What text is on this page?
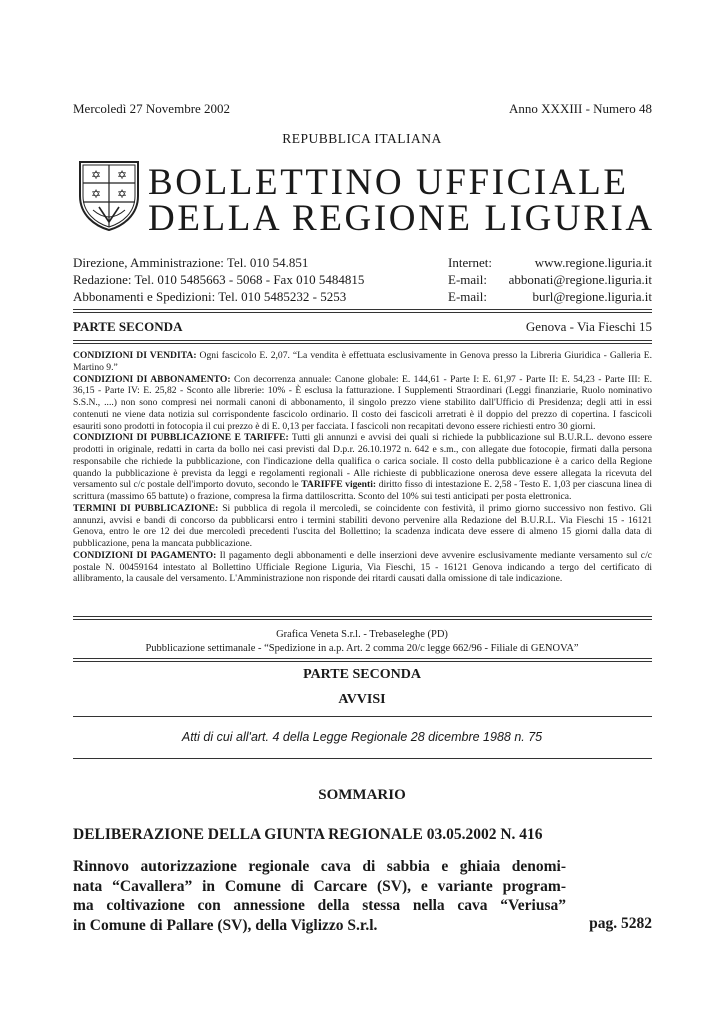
Mercoledì 27 Novembre 2002	Anno XXXIII - Numero 48
REPUBBLICA ITALIANA
✡ ✡
✡ ✡ BOLLETTINO UFFICIALE
DELLA REGIONE LIGURIA
Direzione, Amministrazione: Tel. 010 54.851
Redazione: Tel. 010 5485663 - 5068 - Fax 010 5484815
Abbonamenti e Spedizioni: Tel. 010 5485232 - 5253
Internet:	www.regione.liguria.it
E-mail: abbonati@regione.liguria.it
E-mail:	burl@regione.liguria.it
PARTE SECONDA	Genova - Via Fieschi 15

CONDIZIONI DI VENDITA: Ogni fascicolo E. 2,07. “La vendita è effettuata esclusivamente in Genova presso la Libreria Giuridica - Galleria E. Martino 9.”

CONDIZIONI DI ABBONAMENTO: Con decorrenza annuale: Canone globale: E. 144,61 - Parte I: E. 61,97 - Parte II: E. 54,23 - Parte III: E. 36,15 - Parte IV: E. 25,82 - Sconto alle librerie: 10% - È esclusa la fatturazione. I Supplementi Straordinari (Leggi finanziarie, Ruolo nominativo S.S.N., ....) non sono compresi nei normali canoni di abbonamento, il singolo prezzo viene stabilito dall'Ufficio di Presidenza; degli atti in essi contenuti ne viene data notizia sul corrispondente fascicolo ordinario. Il costo dei fascicoli arretrati è il doppio del prezzo di copertina. I fascicoli esauriti sono prodotti in fotocopia il cui prezzo è di E. 0,13 per facciata. I fascicoli non recapitati devono essere richiesti entro 30 giorni.

CONDIZIONI DI PUBBLICAZIONE E TARIFFE: Tutti gli annunzi e avvisi dei quali si richiede la pubblicazione sul B.U.R.L. devono essere prodotti in originale, redatti in carta da bollo nei casi previsti dal D.p.r. 26.10.1972 n. 642 e s.m., con allegate due fotocopie, firmati dalla persona responsabile che richiede la pubblicazione, con l'indicazione della qualifica o carica sociale. Il costo della pubblicazione è a carico della Regione quando la pubblicazione è prevista da leggi e regolamenti regionali - Alle richieste di pubblicazione onerosa deve essere allegata la ricevuta del versamento sul c/c postale dell'importo dovuto, secondo le TARIFFE vigenti: diritto fisso di intestazione E. 2,58 - Testo E. 1,03 per ciascuna linea di scrittura (massimo 65 battute) o frazione, compresa la firma dattiloscritta. Sconto del 10% sui testi anticipati per posta elettronica.

TERMINI DI PUBBLICAZIONE: Si pubblica di regola il mercoledì, se coincidente con festività, il primo giorno successivo non festivo. Gli annunzi, avvisi e bandi di concorso da pubblicarsi entro i termini stabiliti devono pervenire alla Redazione del B.U.R.L. Via Fieschi 15 - 16121 Genova, entro le ore 12 dei due mercoledì precedenti l'uscita del Bollettino; la scadenza indicata deve essere di almeno 15 giorni dalla data di pubblicazione, pena la mancata pubblicazione.

CONDIZIONI DI PAGAMENTO: Il pagamento degli abbonamenti e delle inserzioni deve avvenire esclusivamente mediante versamento sul c/c postale N. 00459164 intestato al Bollettino Ufficiale Regione Liguria, Via Fieschi, 15 - 16121 Genova indicando a tergo del certificato di allibramento, la causale del versamento. L'Amministrazione non risponde dei ritardi causati dalla omissione di tale indicazione.

Grafica Veneta S.r.l. - Trebaseleghe (PD)
Pubblicazione settimanale - “Spedizione in a.p. Art. 2 comma 20/c legge 662/96 - Filiale di GENOVA”
PARTE SECONDA
AVVISI
Atti di cui all'art. 4 della Legge Regionale 28 dicembre 1988 n. 75
SOMMARIO
DELIBERAZIONE DELLA GIUNTA REGIONALE 03.05.2002 N. 416
Rinnovo autorizzazione regionale cava di sabbia e ghiaia denomi-
nata “Cavallera” in Comune di Carcare (SV), e variante program-
ma coltivazione con annessione della stessa nella cava “Veriusa”
in Comune di Pallare (SV), della Viglizzo S.r.l.	pag. 5282
